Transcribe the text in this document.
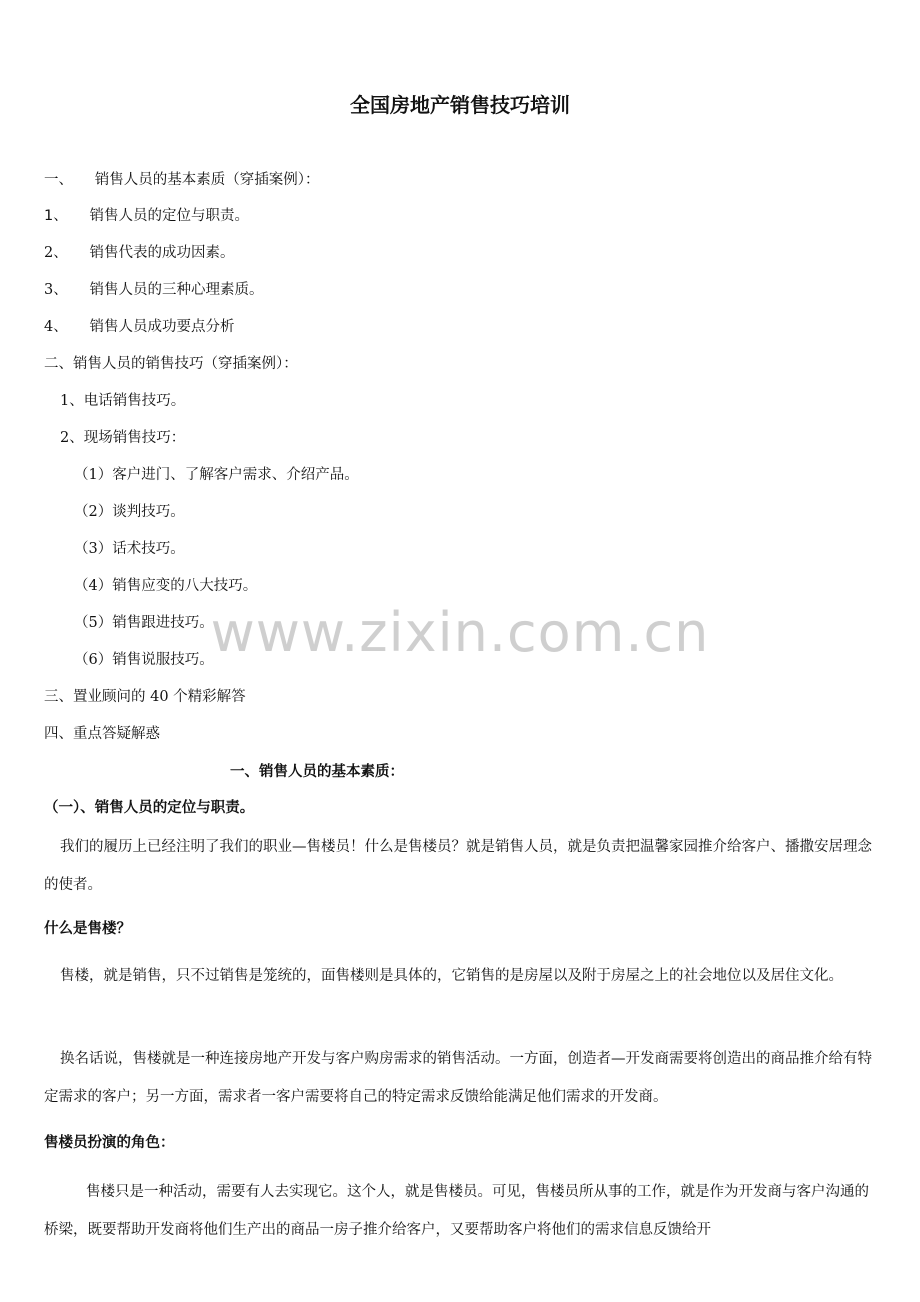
全国房地产销售技巧培训
一、　　销售人员的基本素质（穿插案例）：
1、　　销售人员的定位与职责。
2、　　销售代表的成功因素。
3、　　销售人员的三种心理素质。
4、　　销售人员成功要点分析
二、销售人员的销售技巧（穿插案例）：
1、电话销售技巧。
2、现场销售技巧：
（1）客户进门、了解客户需求、介绍产品。
（2）谈判技巧。
（3）话术技巧。
（4）销售应变的八大技巧。
（5）销售跟进技巧。
（6）销售说服技巧。
三、置业顾问的 40 个精彩解答
四、重点答疑解惑
一、销售人员的基本素质：
（一）、销售人员的定位与职责。
我们的履历上已经注明了我们的职业—售楼员！什么是售楼员？就是销售人员，就是负责把温馨家园推介给客户、播撒安居理念的使者。
什么是售楼？
售楼，就是销售，只不过销售是笼统的，面售楼则是具体的，它销售的是房屋以及附于房屋之上的社会地位以及居住文化。
换名话说，售楼就是一种连接房地产开发与客户购房需求的销售活动。一方面，创造者—开发商需要将创造出的商品推介给有特定需求的客户；另一方面，需求者一客户需要将自己的特定需求反馈给能满足他们需求的开发商。
售楼员扮演的角色：
售楼只是一种活动，需要有人去实现它。这个人，就是售楼员。可见，售楼员所从事的工作，就是作为开发商与客户沟通的桥梁，既要帮助开发商将他们生产出的商品一房子推介给客户，又要帮助客户将他们的需求信息反馈给开
www.zixin.com.cn
